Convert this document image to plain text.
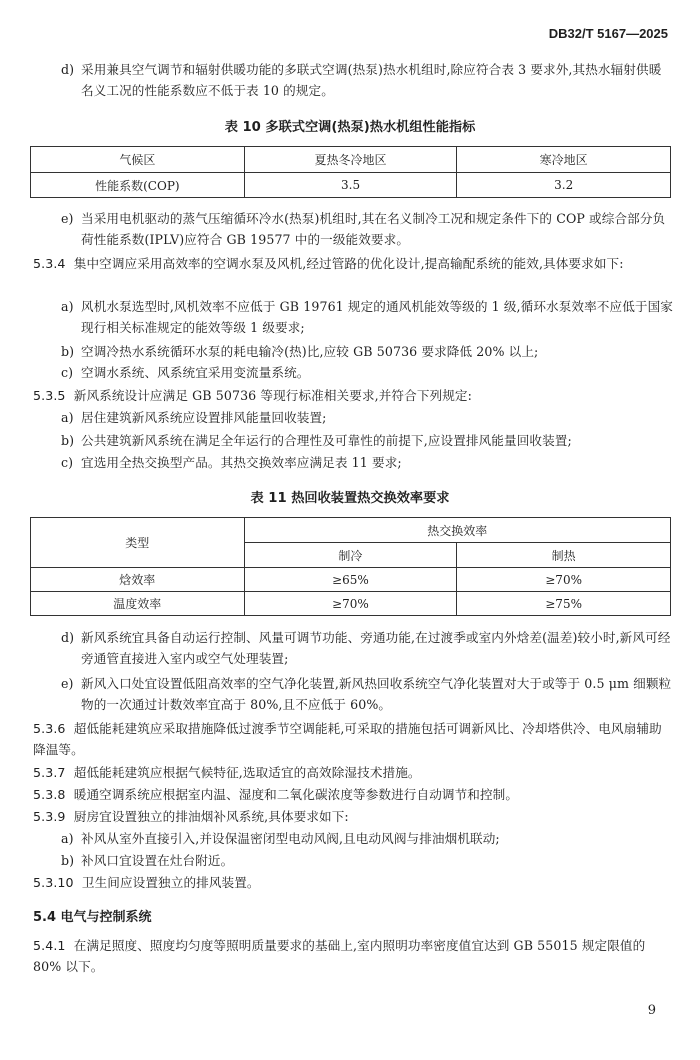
DB32/T 5167—2025
d) 采用兼具空气调节和辐射供暖功能的多联式空调(热泵)热水机组时,除应符合表 3 要求外,其热水辐射供暖名义工况的性能系数应不低于表 10 的规定。
表 10 多联式空调(热泵)热水机组性能指标
气候区	夏热冬冷地区	寒冷地区
性能系数(COP)	3.5	3.2
e) 当采用电机驱动的蒸气压缩循环冷水(热泵)机组时,其在名义制冷工况和规定条件下的 COP 或综合部分负荷性能系数(IPLV)应符合 GB 19577 中的一级能效要求。
5.3.4 集中空调应采用高效率的空调水泵及风机,经过管路的优化设计,提高输配系统的能效,具体要求如下:
a) 风机水泵选型时,风机效率不应低于 GB 19761 规定的通风机能效等级的 1 级,循环水泵效率不应低于国家现行相关标准规定的能效等级 1 级要求;
b) 空调冷热水系统循环水泵的耗电输冷(热)比,应较 GB 50736 要求降低 20% 以上;
c) 空调水系统、风系统宜采用变流量系统。
5.3.5 新风系统设计应满足 GB 50736 等现行标准相关要求,并符合下列规定:
a) 居住建筑新风系统应设置排风能量回收装置;
b) 公共建筑新风系统在满足全年运行的合理性及可靠性的前提下,应设置排风能量回收装置;
c) 宜选用全热交换型产品。其热交换效率应满足表 11 要求;
表 11 热回收装置热交换效率要求
类型	热交换效率	
	制冷	制热
焓效率	≥65%	≥70%
温度效率	≥70%	≥75%
d) 新风系统宜具备自动运行控制、风量可调节功能、旁通功能,在过渡季或室内外焓差(温差)较小时,新风可经旁通管直接进入室内或空气处理装置;
e) 新风入口处宜设置低阻高效率的空气净化装置,新风热回收系统空气净化装置对大于或等于 0.5 μm 细颗粒物的一次通过计数效率宜高于 80%,且不应低于 60%。

5.3.6 超低能耗建筑应采取措施降低过渡季节空调能耗,可采取的措施包括可调新风比、冷却塔供冷、电风扇辅助降温等。
5.3.7 超低能耗建筑应根据气候特征,选取适宜的高效除湿技术措施。
5.3.8 暖通空调系统应根据室内温、湿度和二氧化碳浓度等参数进行自动调节和控制。
5.3.9 厨房宜设置独立的排油烟补风系统,具体要求如下:
a) 补风从室外直接引入,并设保温密闭型电动风阀,且电动风阀与排油烟机联动;
b) 补风口宜设置在灶台附近。
5.3.10 卫生间应设置独立的排风装置。
5.4 电气与控制系统
5.4.1 在满足照度、照度均匀度等照明质量要求的基础上,室内照明功率密度值宜达到 GB 55015 规定限值的 80% 以下。
9
